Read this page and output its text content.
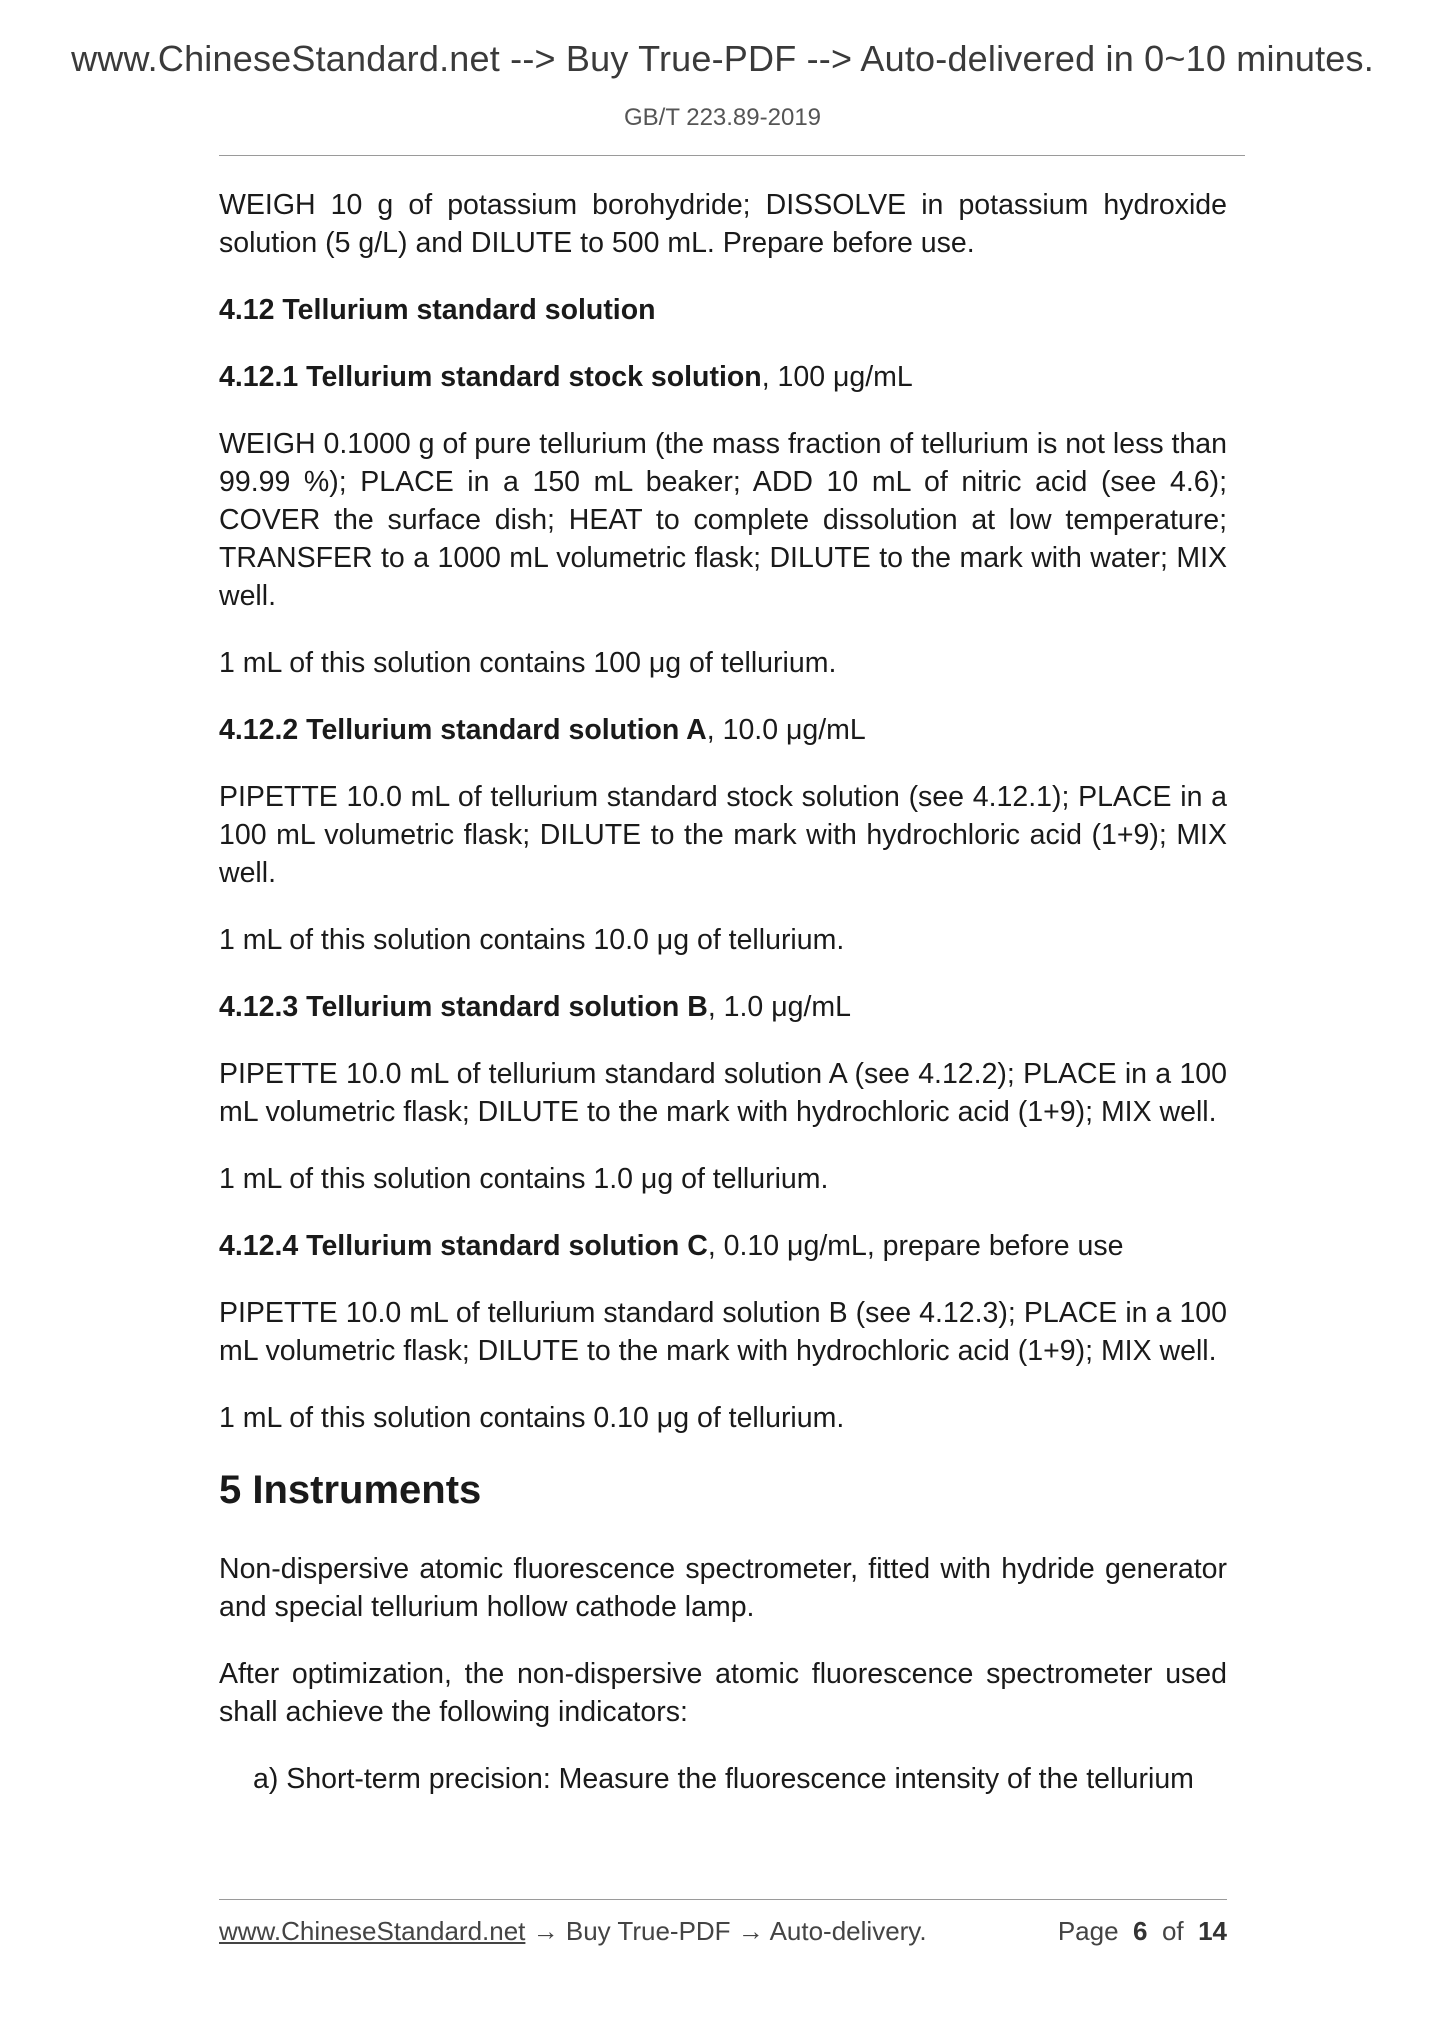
www.ChineseStandard.net --> Buy True-PDF --> Auto-delivered in 0~10 minutes.
GB/T 223.89-2019

WEIGH 10 g of potassium borohydride; DISSOLVE in potassium hydroxide solution (5 g/L) and DILUTE to 500 mL. Prepare before use.

4.12 Tellurium standard solution

4.12.1 Tellurium standard stock solution, 100 μg/mL

WEIGH 0.1000 g of pure tellurium (the mass fraction of tellurium is not less than 99.99 %); PLACE in a 150 mL beaker; ADD 10 mL of nitric acid (see 4.6); COVER the surface dish; HEAT to complete dissolution at low temperature; TRANSFER to a 1000 mL volumetric flask; DILUTE to the mark with water; MIX well.

1 mL of this solution contains 100 μg of tellurium.

4.12.2 Tellurium standard solution A, 10.0 μg/mL

PIPETTE 10.0 mL of tellurium standard stock solution (see 4.12.1); PLACE in a 100 mL volumetric flask; DILUTE to the mark with hydrochloric acid (1+9); MIX well.

1 mL of this solution contains 10.0 μg of tellurium.

4.12.3 Tellurium standard solution B, 1.0 μg/mL

PIPETTE 10.0 mL of tellurium standard solution A (see 4.12.2); PLACE in a 100 mL volumetric flask; DILUTE to the mark with hydrochloric acid (1+9); MIX well.

1 mL of this solution contains 1.0 μg of tellurium.

4.12.4 Tellurium standard solution C, 0.10 μg/mL, prepare before use

PIPETTE 10.0 mL of tellurium standard solution B (see 4.12.3); PLACE in a 100 mL volumetric flask; DILUTE to the mark with hydrochloric acid (1+9); MIX well.

1 mL of this solution contains 0.10 μg of tellurium.

5 Instruments

Non-dispersive atomic fluorescence spectrometer, fitted with hydride generator and special tellurium hollow cathode lamp.

After optimization, the non-dispersive atomic fluorescence spectrometer used shall achieve the following indicators:

a) Short-term precision: Measure the fluorescence intensity of the tellurium

www.ChineseStandard.net → Buy True-PDF → Auto-delivery.	Page 6 of 14
